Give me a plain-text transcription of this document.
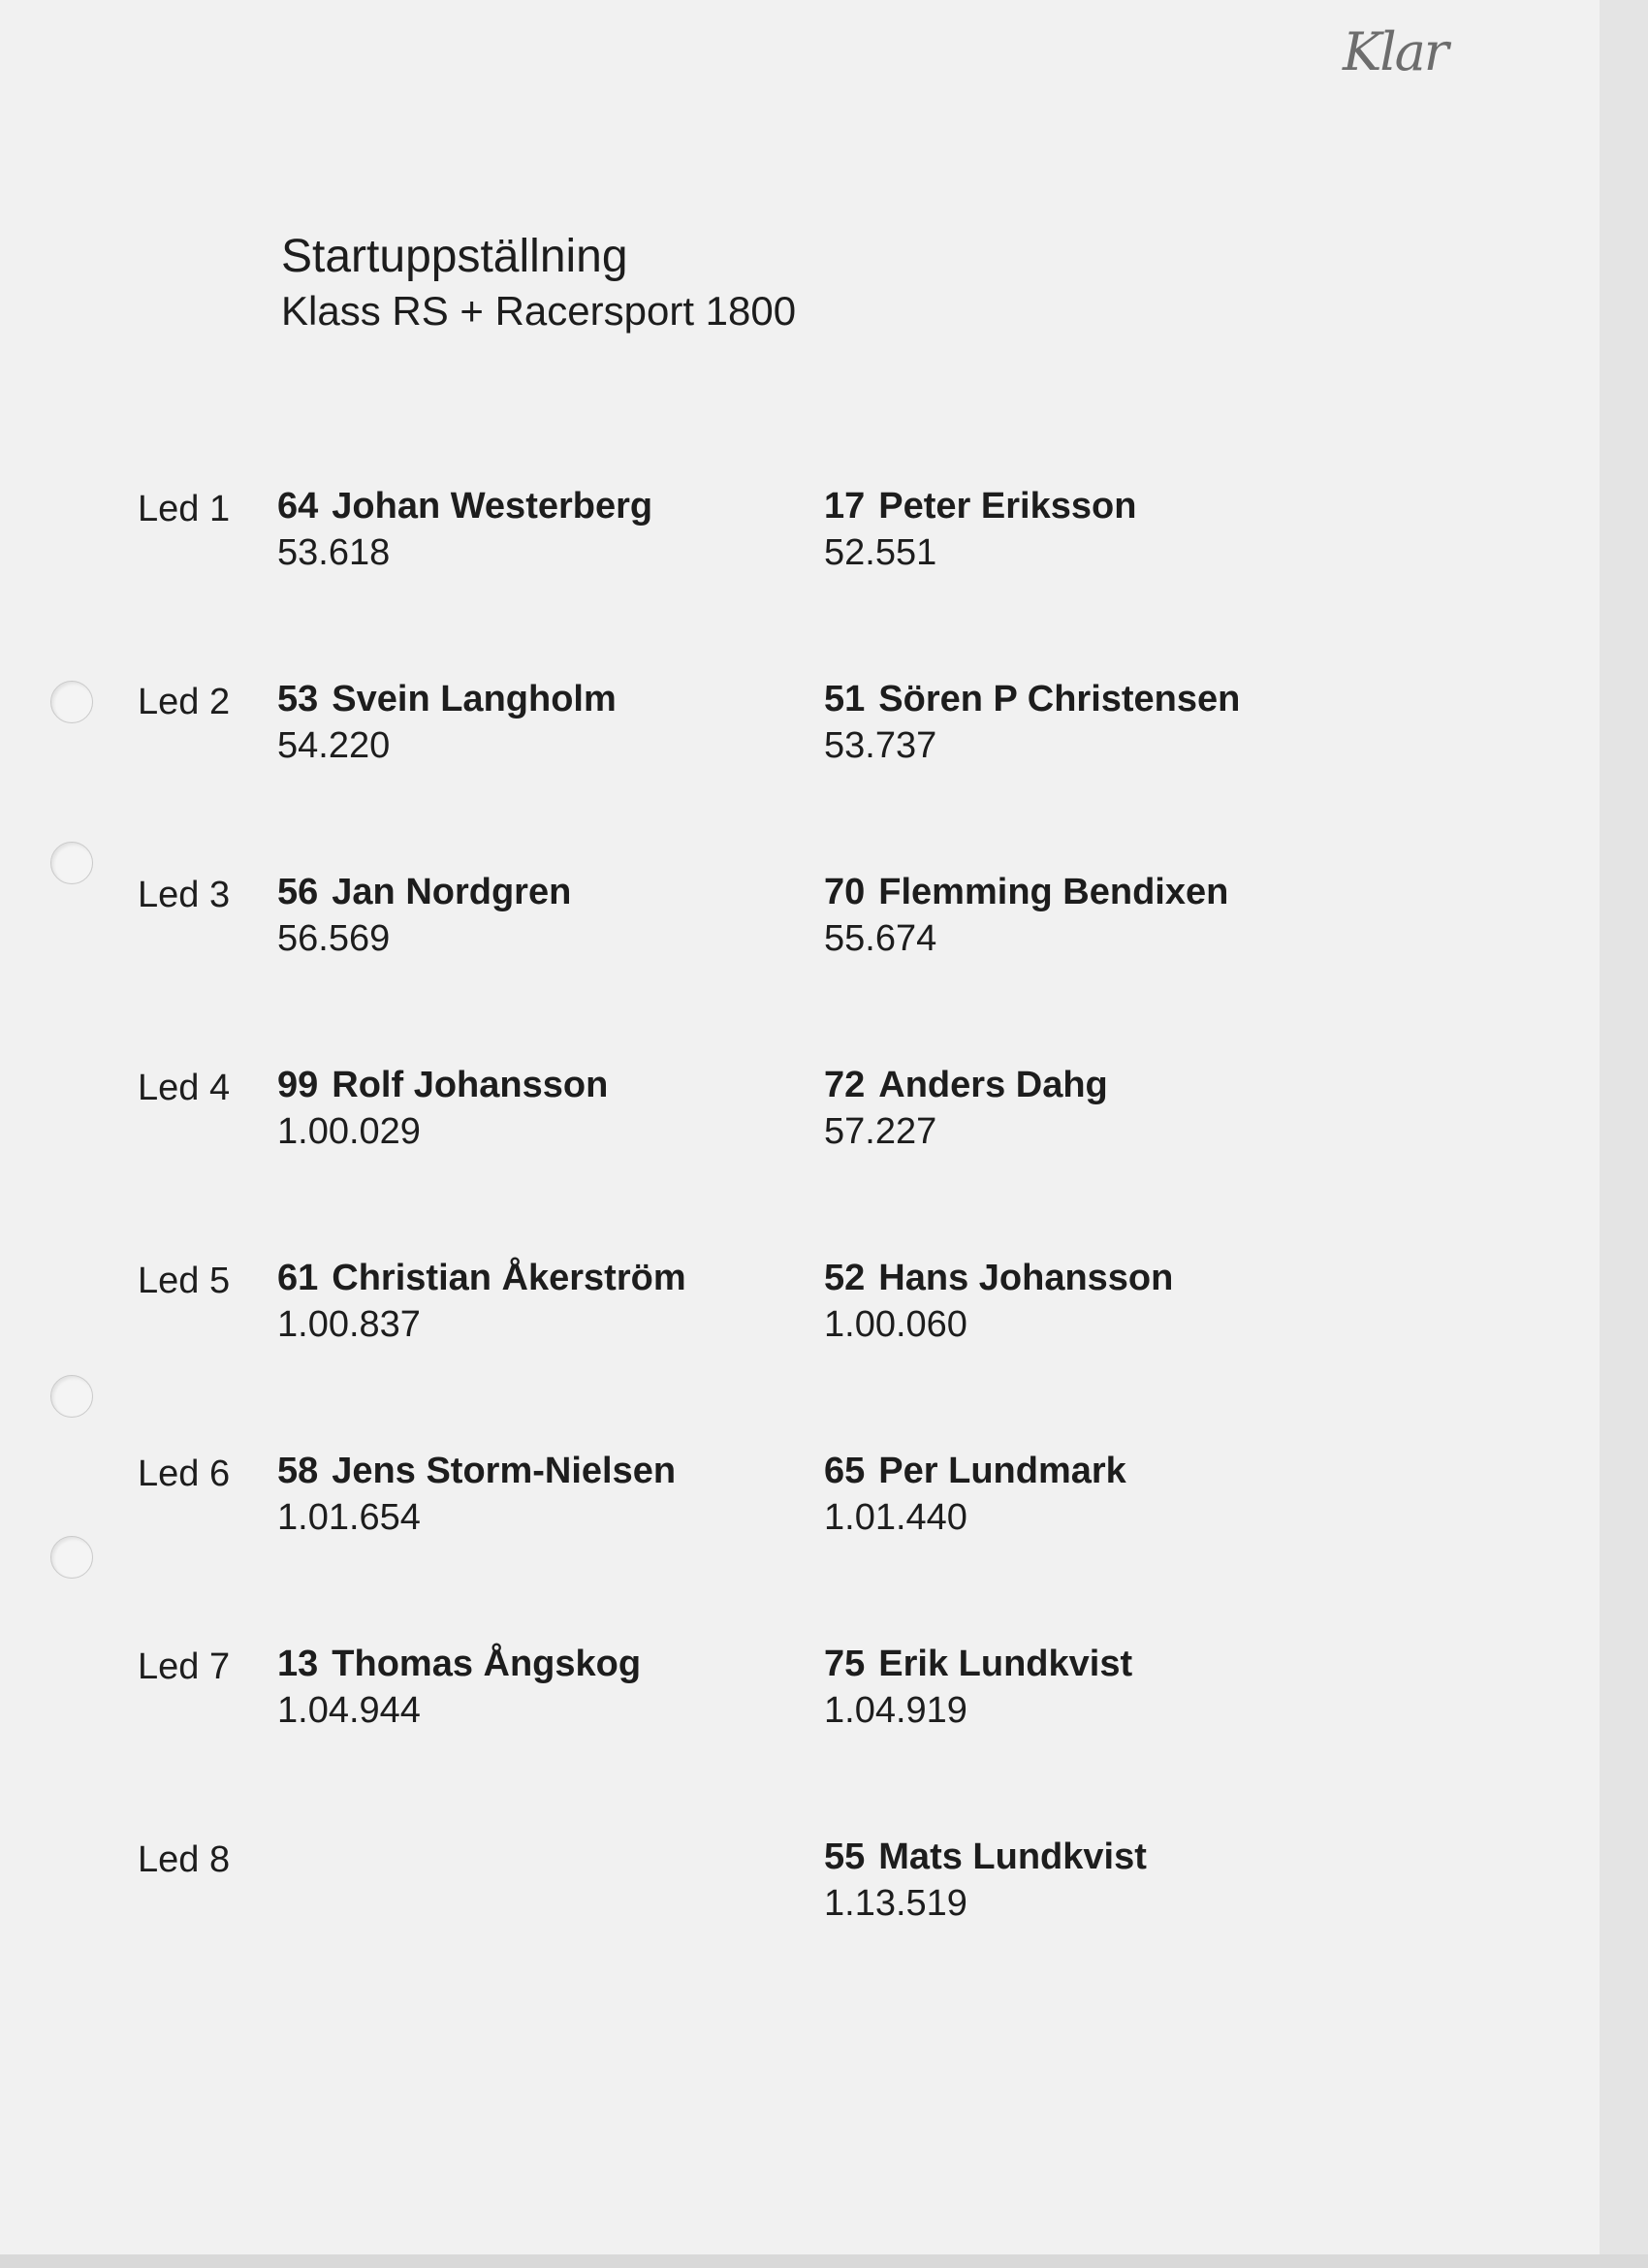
Klar
Startuppställning
Klass RS + Racersport 1800
Led 1 64 Johan Westerberg
53.618
17 Peter Eriksson
52.551
Led 2 53 Svein Langholm
54.220
51 Sören P Christensen
53.737
Led 3 56 Jan Nordgren
56.569
70 Flemming Bendixen
55.674
Led 4 99 Rolf Johansson
1.00.029
72 Anders Dahg
57.227
Led 5 61 Christian Åkerström
1.00.837
52 Hans Johansson
1.00.060
Led 6 58 Jens Storm-Nielsen
1.01.654
65 Per Lundmark
1.01.440
Led 7 13 Thomas Ångskog
1.04.944
75 Erik Lundkvist
1.04.919
Led 8	55 Mats Lundkvist
1.13.519
